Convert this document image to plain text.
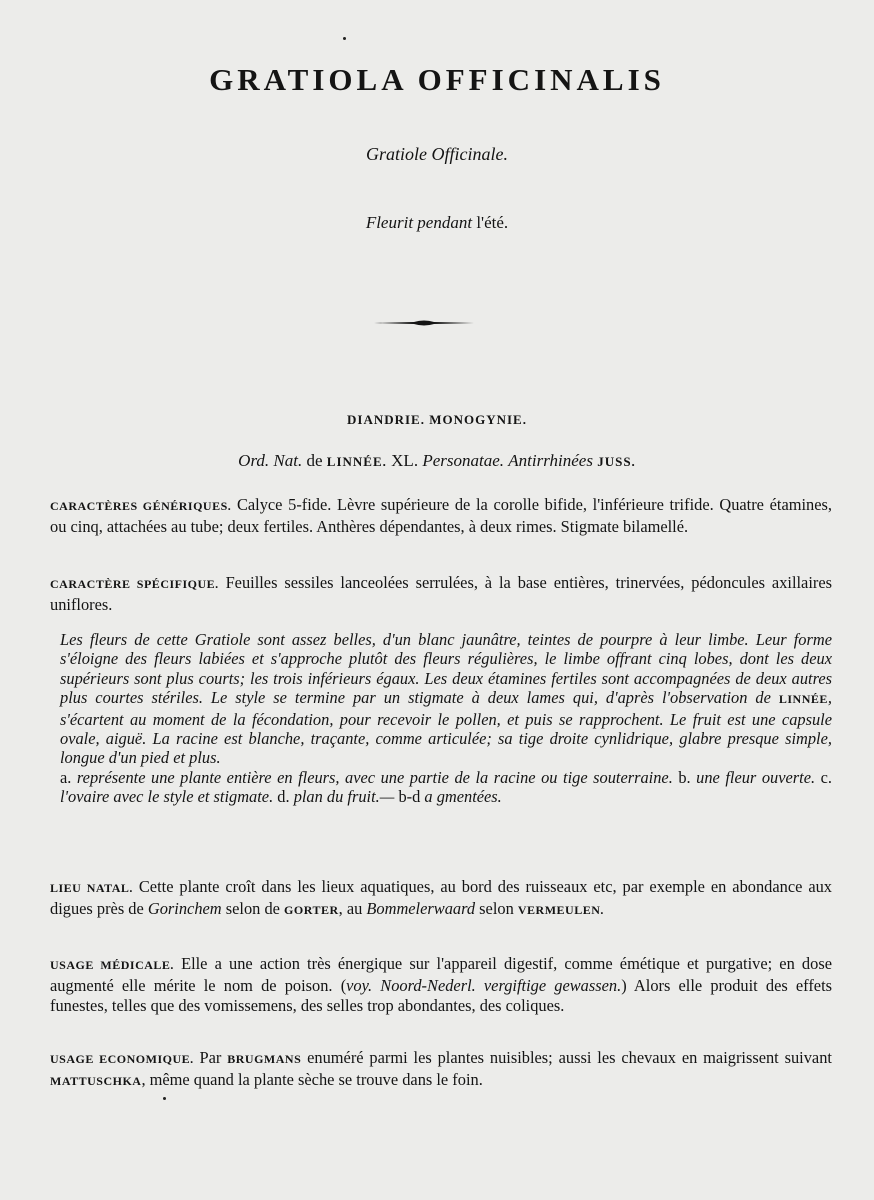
GRATIOLA OFFICINALIS
Gratiole Officinale.
Fleurit pendant l'été.
DIANDRIE. MONOGYNIE.
Ord. Nat. de LINNÉE. XL. Personatae. Antirrhinées JUSS.
CARACTÈRES GÉNÉRIQUES. Calyce 5-fide. Lèvre supérieure de la corolle bifide, l'inférieure trifide. Quatre étamines, ou cinq, attachées au tube; deux fertiles. Anthères dépendantes, à deux rimes. Stigmate bilamellé.
CARACTÈRE SPÉCIFIQUE. Feuilles sessiles lanceolées serrulées, à la base entières, trinervées, pédoncules axillaires uniflores.
Les fleurs de cette Gratiole sont assez belles, d'un blanc jaunâtre, teintes de pourpre à leur limbe. Leur forme s'éloigne des fleurs labiées et s'approche plutôt des fleurs régulières, le limbe offrant cinq lobes, dont les deux supérieurs sont plus courts; les trois inférieurs égaux. Les deux étamines fertiles sont accompagnées de deux autres plus courtes stériles. Le style se termine par un stigmate à deux lames qui, d'après l'observation de LINNÉE, s'écartent au moment de la fécondation, pour recevoir le pollen, et puis se rapprochent. Le fruit est une capsule ovale, aiguë. La racine est blanche, traçante, comme articulée; sa tige droite cynlidrique, glabre presque simple, longue d'un pied et plus.
a. représente une plante entière en fleurs, avec une partie de la racine ou tige souterraine. b. une fleur ouverte. c. l'ovaire avec le style et stigmate. d. plan du fruit.— b-d a gmentées.
LIEU NATAL. Cette plante croît dans les lieux aquatiques, au bord des ruisseaux etc, par exemple en abondance aux digues près de Gorinchem selon de GORTER, au Bommelerwaard selon VERMEULEN.
USAGE MÉDICALE. Elle a une action très énergique sur l'appareil digestif, comme émétique et purgative; en dose augmenté elle mérite le nom de poison. (voy. Noord-Nederl. vergiftige gewassen.) Alors elle produit des effets funestes, telles que des vomissemens, des selles trop abondantes, des coliques.
USAGE ECONOMIQUE. Par BRUGMANS enuméré parmi les plantes nuisibles; aussi les chevaux en maigrissent suivant MATTUSCHKA, même quand la plante sèche se trouve dans le foin.
